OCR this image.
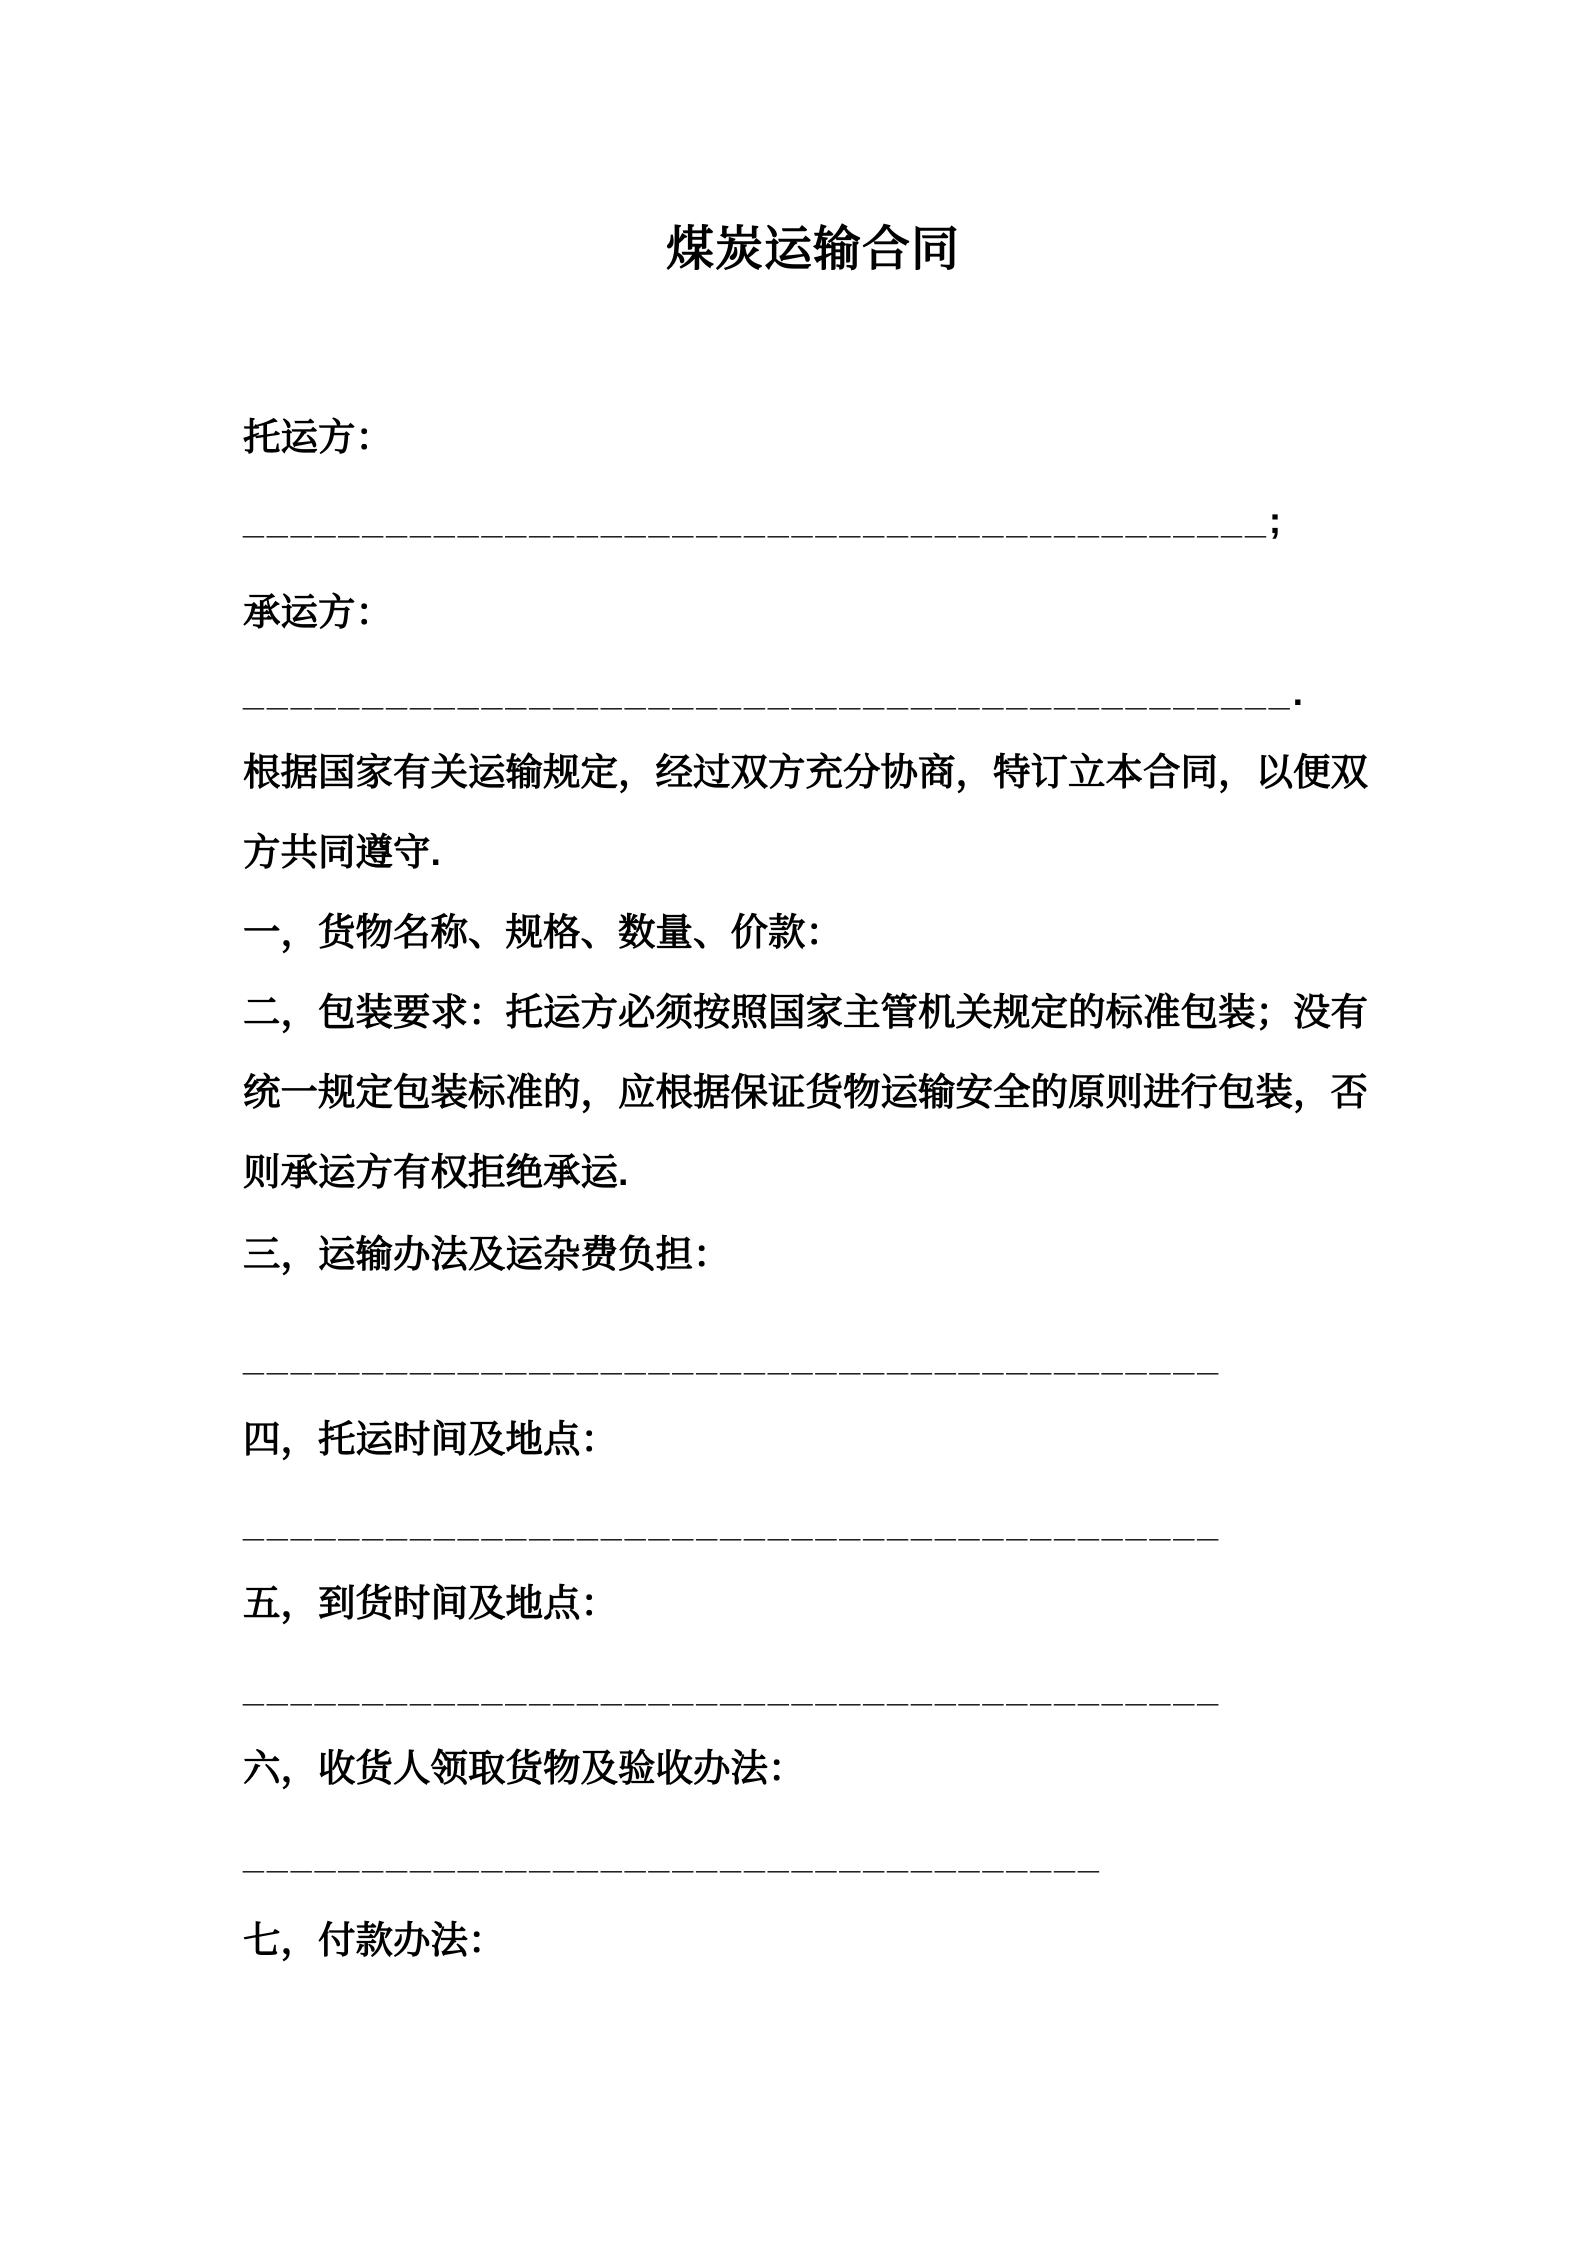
煤炭运输合同

托运方：

___________________________________________;

承运方：

____________________________________________.

根据国家有关运输规定，经过双方充分协商，特订立本合同，以便双方共同遵守.

一，货物名称、规格、数量、价款：

二，包装要求：托运方必须按照国家主管机关规定的标准包装；没有统一规定包装标准的，应根据保证货物运输安全的原则进行包装，否则承运方有权拒绝承运.

三，运输办法及运杂费负担：

_________________________________________

四，托运时间及地点：

_________________________________________

五，到货时间及地点：

_________________________________________

六，收货人领取货物及验收办法：

____________________________________

七，付款办法：
